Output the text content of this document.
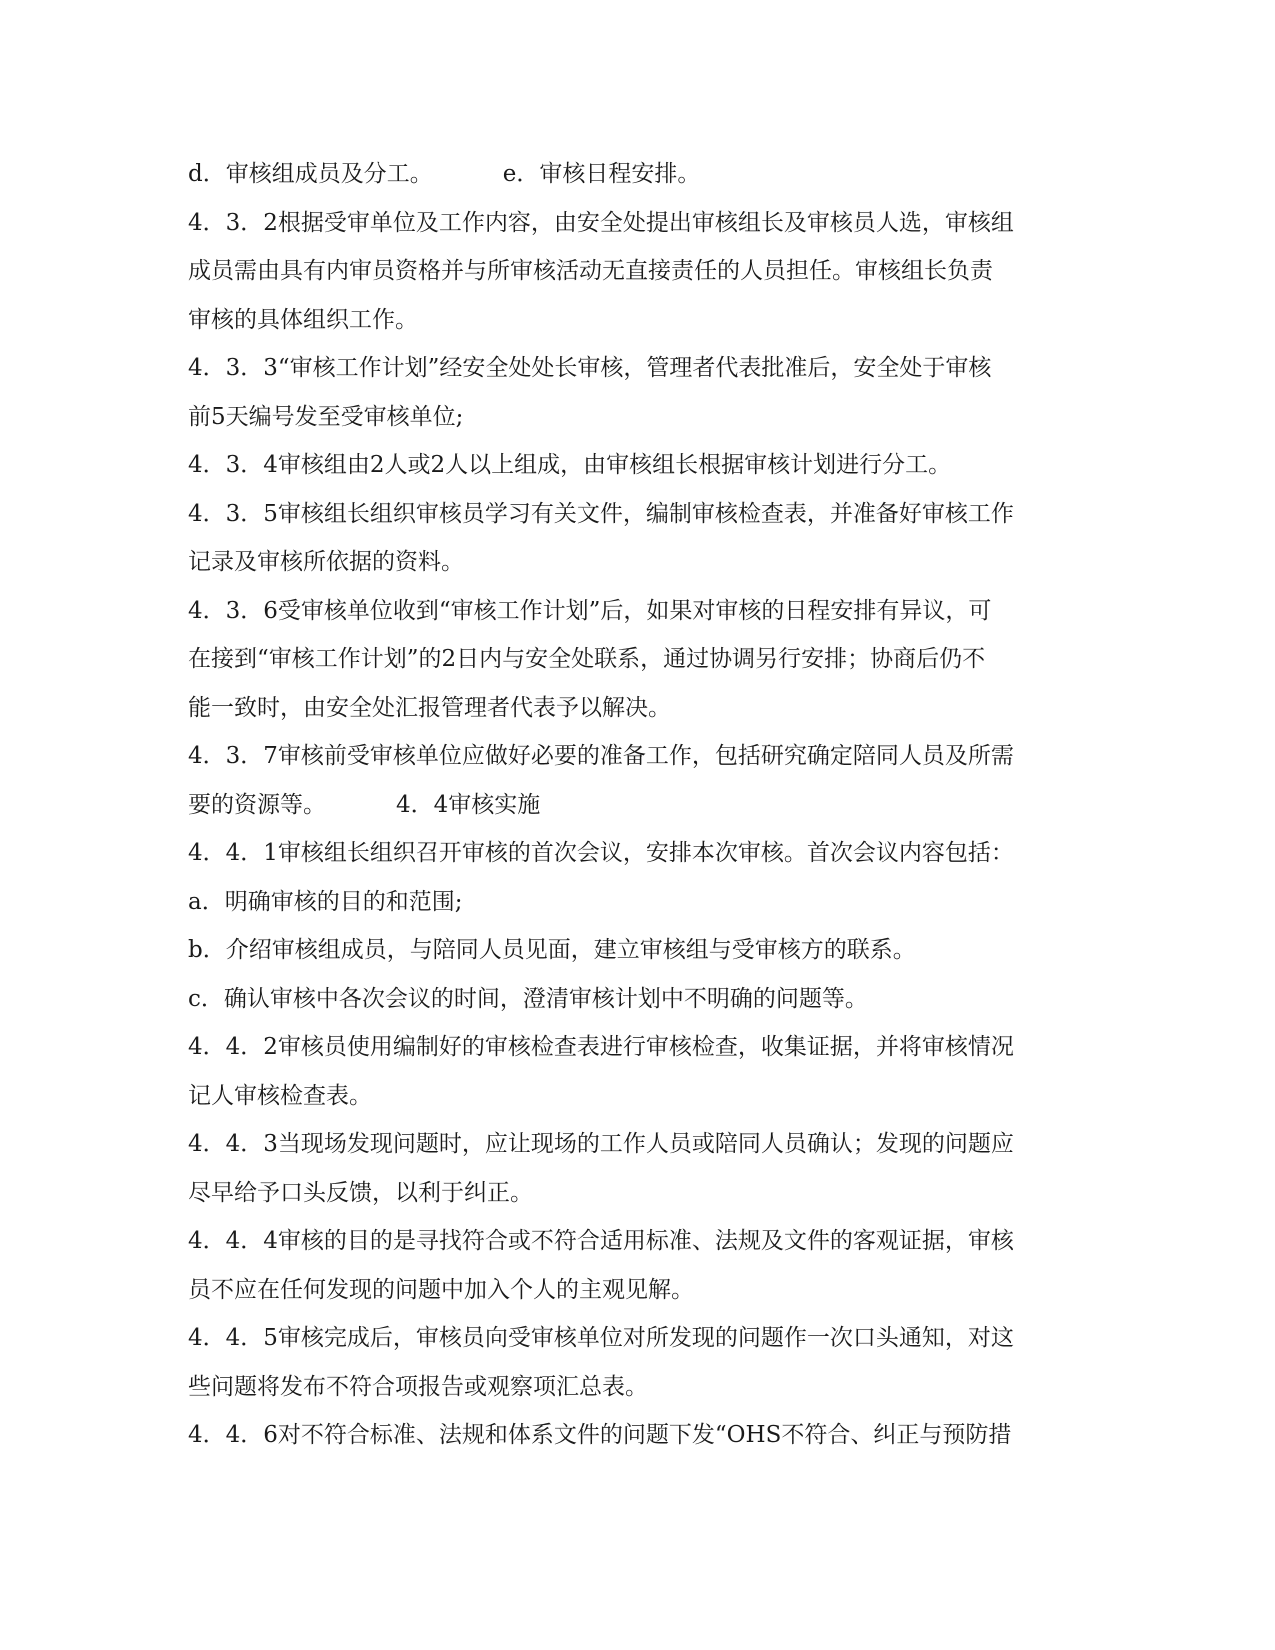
d．审核组成员及分工。	e．审核日程安排。
4．3．2根据受审单位及工作内容，由安全处提出审核组长及审核员人选，审核组
成员需由具有内审员资格并与所审核活动无直接责任的人员担任。审核组长负责
审核的具体组织工作。
4．3．3“审核工作计划”经安全处处长审核，管理者代表批准后，安全处于审核
前5天编号发至受审核单位;
4．3．4审核组由2人或2人以上组成，由审核组长根据审核计划进行分工。
4．3．5审核组长组织审核员学习有关文件，编制审核检查表，并准备好审核工作
记录及审核所依据的资料。
4．3．6受审核单位收到“审核工作计划”后，如果对审核的日程安排有异议，可
在接到“审核工作计划”的2日内与安全处联系，通过协调另行安排；协商后仍不
能一致时，由安全处汇报管理者代表予以解决。
4．3．7审核前受审核单位应做好必要的准备工作，包括研究确定陪同人员及所需
要的资源等。	4．4审核实施
4．4．1审核组长组织召开审核的首次会议，安排本次审核。首次会议内容包括：
a．明确审核的目的和范围;
b．介绍审核组成员，与陪同人员见面，建立审核组与受审核方的联系。
c．确认审核中各次会议的时间，澄清审核计划中不明确的问题等。
4．4．2审核员使用编制好的审核检查表进行审核检查，收集证据，并将审核情况
记人审核检查表。
4．4．3当现场发现问题时，应让现场的工作人员或陪同人员确认；发现的问题应
尽早给予口头反馈，以利于纠正。
4．4．4审核的目的是寻找符合或不符合适用标准、法规及文件的客观证据，审核
员不应在任何发现的问题中加入个人的主观见解。
4．4．5审核完成后，审核员向受审核单位对所发现的问题作一次口头通知，对这
些问题将发布不符合项报告或观察项汇总表。
4．4．6对不符合标准、法规和体系文件的问题下发“OHS不符合、纠正与预防措
